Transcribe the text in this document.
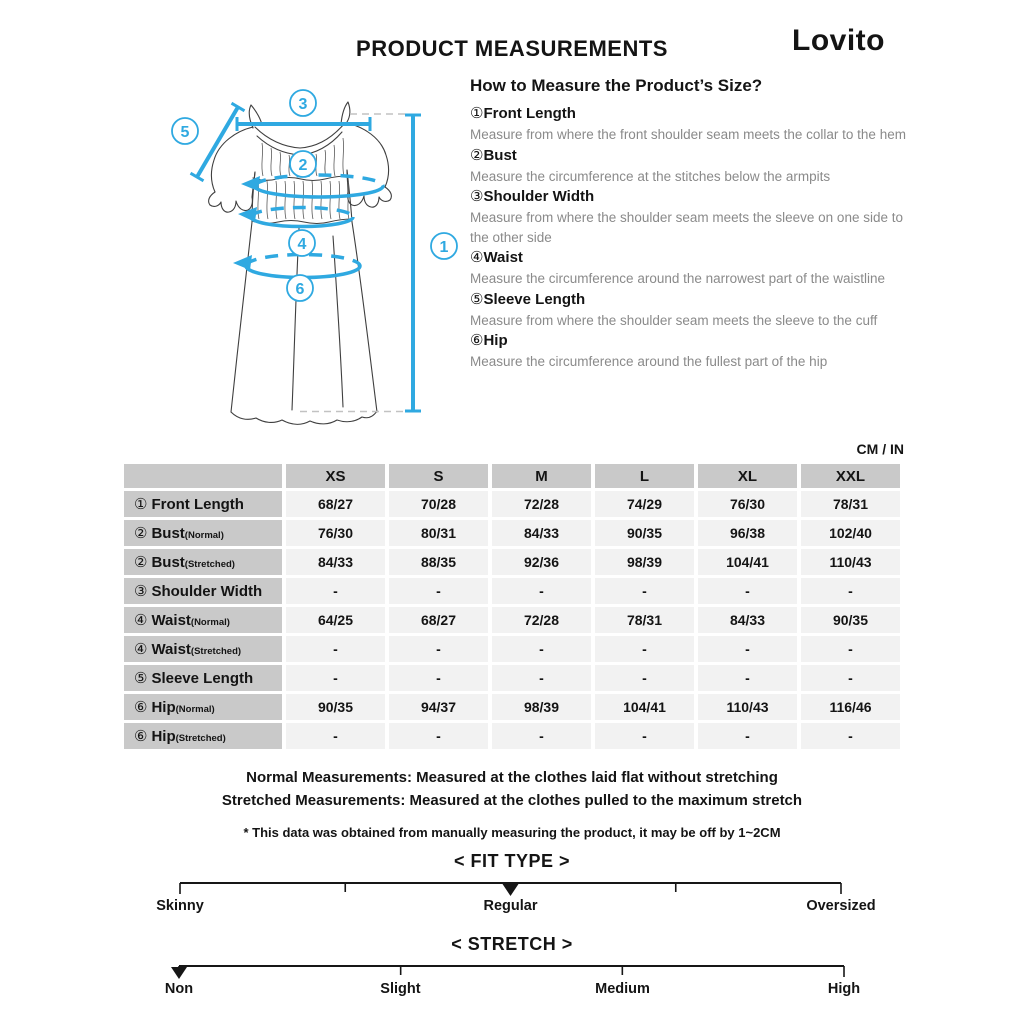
PRODUCT MEASUREMENTS	Lovito
1
2
3
4
5
6
How to Measure the Product’s Size?
①Front Length
Measure from where the front shoulder seam meets the collar to the hem
②Bust
Measure the circumference at the stitches below the armpits
③Shoulder Width
Measure from where the shoulder seam meets the sleeve on one side to the other side
④Waist
Measure the circumference around the narrowest part of the waistline
⑤Sleeve Length
Measure from where the shoulder seam meets the sleeve to the cuff
⑥Hip
Measure the circumference around the fullest part of the hip
CM / IN
	XS	S	M	L	XL	XXL
① Front Length	68/27	70/28	72/28	74/29	76/30	78/31
② Bust(Normal)	76/30	80/31	84/33	90/35	96/38	102/40
② Bust(Stretched)	84/33	88/35	92/36	98/39	104/41	110/43
③ Shoulder Width	-	-	-	-	-	-
④ Waist(Normal)	64/25	68/27	72/28	78/31	84/33	90/35
④ Waist(Stretched)	-	-	-	-	-	-
⑤ Sleeve Length	-	-	-	-	-	-
⑥ Hip(Normal)	90/35	94/37	98/39	104/41	110/43	116/46
⑥ Hip(Stretched)	-	-	-	-	-	-
Normal Measurements: Measured at the clothes laid flat without stretching
Stretched Measurements: Measured at the clothes pulled to the maximum stretch
* This data was obtained from manually measuring the product, it may be off by 1~2CM
< FIT TYPE >
Skinny	Regular	Oversized
< STRETCH >
Non	Slight	Medium	High
